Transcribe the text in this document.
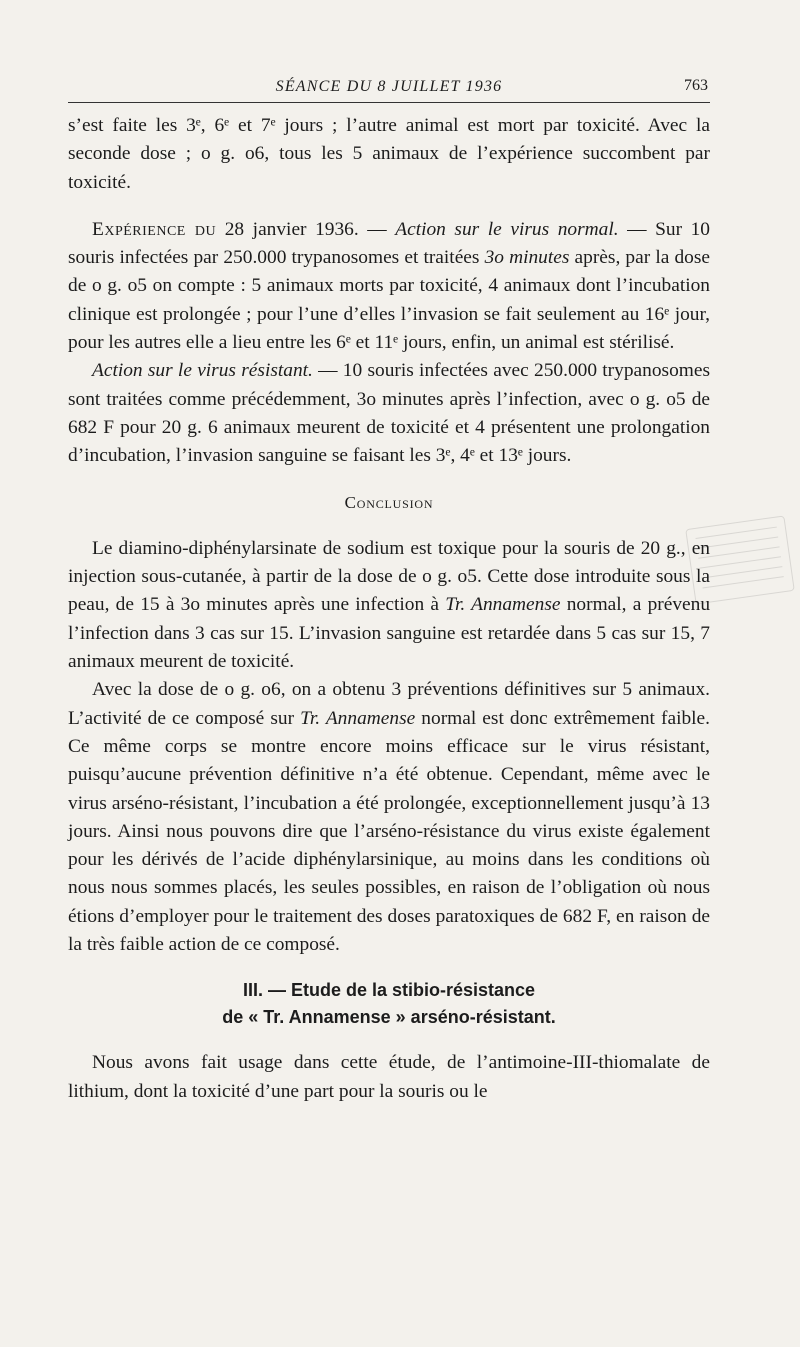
SÉANCE DU 8 JUILLET 1936	763

s’est faite les 3ᵉ, 6ᵉ et 7ᵉ jours ; l’autre animal est mort par toxicité. Avec la seconde dose ; o g. o6, tous les 5 animaux de l’expérience succombent par toxicité.

Expérience du 28 janvier 1936. — Action sur le virus normal. — Sur 10 souris infectées par 250.000 trypanosomes et traitées 3o minutes après, par la dose de o g. o5 on compte : 5 animaux morts par toxicité, 4 animaux dont l’incubation clinique est prolongée ; pour l’une d’elles l’invasion se fait seulement au 16ᵉ jour, pour les autres elle a lieu entre les 6ᵉ et 11ᵉ jours, enfin, un animal est stérilisé.

Action sur le virus résistant. — 10 souris infectées avec 250.000 trypanosomes sont traitées comme précédemment, 3o minutes après l’infection, avec o g. o5 de 682 F pour 20 g. 6 animaux meurent de toxicité et 4 présentent une prolongation d’incubation, l’invasion sanguine se faisant les 3ᵉ, 4ᵉ et 13ᵉ jours.

Conclusion

Le diamino-diphénylarsinate de sodium est toxique pour la souris de 20 g., en injection sous-cutanée, à partir de la dose de o g. o5. Cette dose introduite sous la peau, de 15 à 3o minutes après une infection à Tr. Annamense normal, a prévenu l’infection dans 3 cas sur 15. L’invasion sanguine est retardée dans 5 cas sur 15, 7 animaux meurent de toxicité.

Avec la dose de o g. o6, on a obtenu 3 préventions définitives sur 5 animaux. L’activité de ce composé sur Tr. Annamense normal est donc extrêmement faible. Ce même corps se montre encore moins efficace sur le virus résistant, puisqu’aucune prévention définitive n’a été obtenue. Cependant, même avec le virus arséno-résistant, l’incubation a été prolongée, exceptionnellement jusqu’à 13 jours. Ainsi nous pouvons dire que l’arséno-résistance du virus existe également pour les dérivés de l’acide diphénylarsinique, au moins dans les conditions où nous nous sommes placés, les seules possibles, en raison de l’obligation où nous étions d’employer pour le traitement des doses paratoxiques de 682 F, en raison de la très faible action de ce composé.

III. — Etude de la stibio-résistance

de « Tr. Annamense » arséno-résistant.

Nous avons fait usage dans cette étude, de l’antimoine-III-thiomalate de lithium, dont la toxicité d’une part pour la souris ou le
